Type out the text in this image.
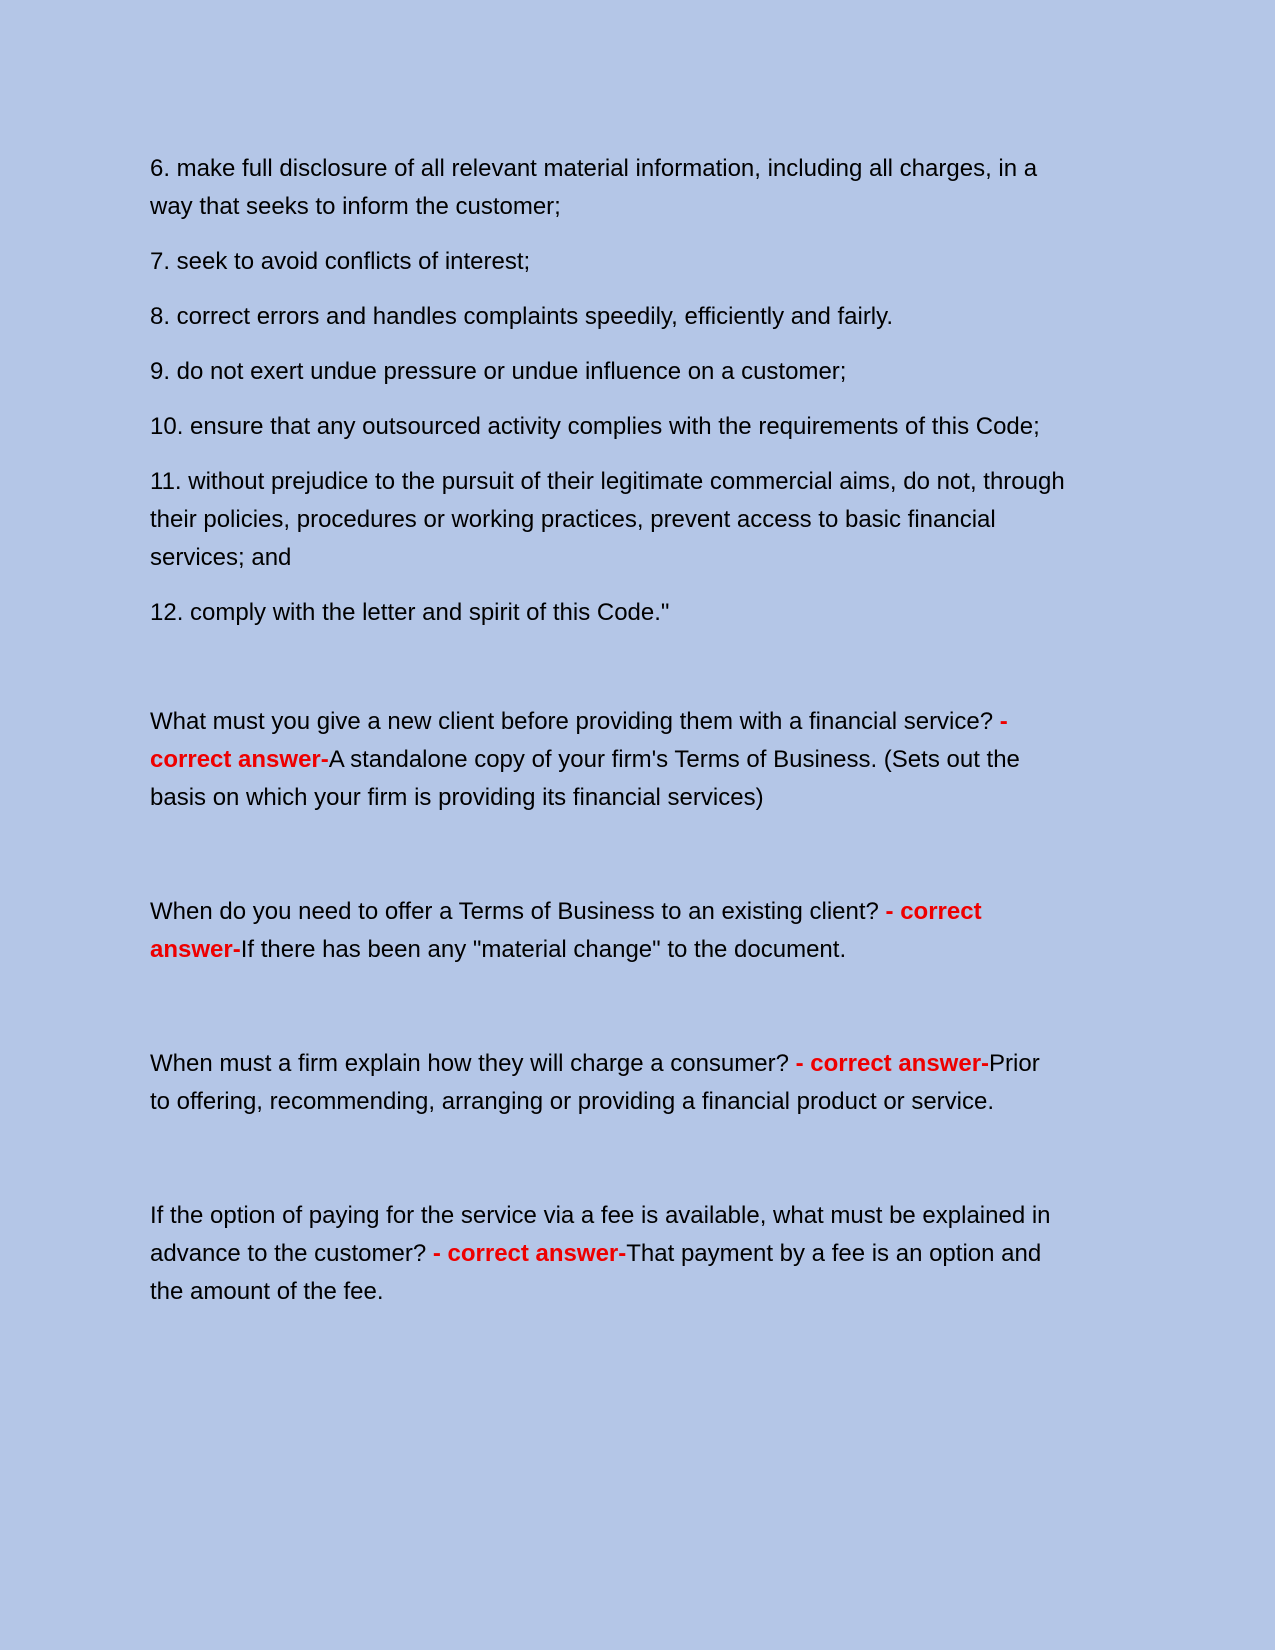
6. make full disclosure of all relevant material information, including all charges, in a way that seeks to inform the customer;

7. seek to avoid conflicts of interest;

8. correct errors and handles complaints speedily, efficiently and fairly.

9. do not exert undue pressure or undue influence on a customer;

10. ensure that any outsourced activity complies with the requirements of this Code;

11. without prejudice to the pursuit of their legitimate commercial aims, do not, through their policies, procedures or working practices, prevent access to basic financial services; and

12. comply with the letter and spirit of this Code."

What must you give a new client before providing them with a financial service? - correct answer-A standalone copy of your firm's Terms of Business. (Sets out the basis on which your firm is providing its financial services)

When do you need to offer a Terms of Business to an existing client? - correct answer-If there has been any "material change" to the document.

When must a firm explain how they will charge a consumer? - correct answer-Prior to offering, recommending, arranging or providing a financial product or service.

If the option of paying for the service via a fee is available, what must be explained in advance to the customer? - correct answer-That payment by a fee is an option and the amount of the fee.
